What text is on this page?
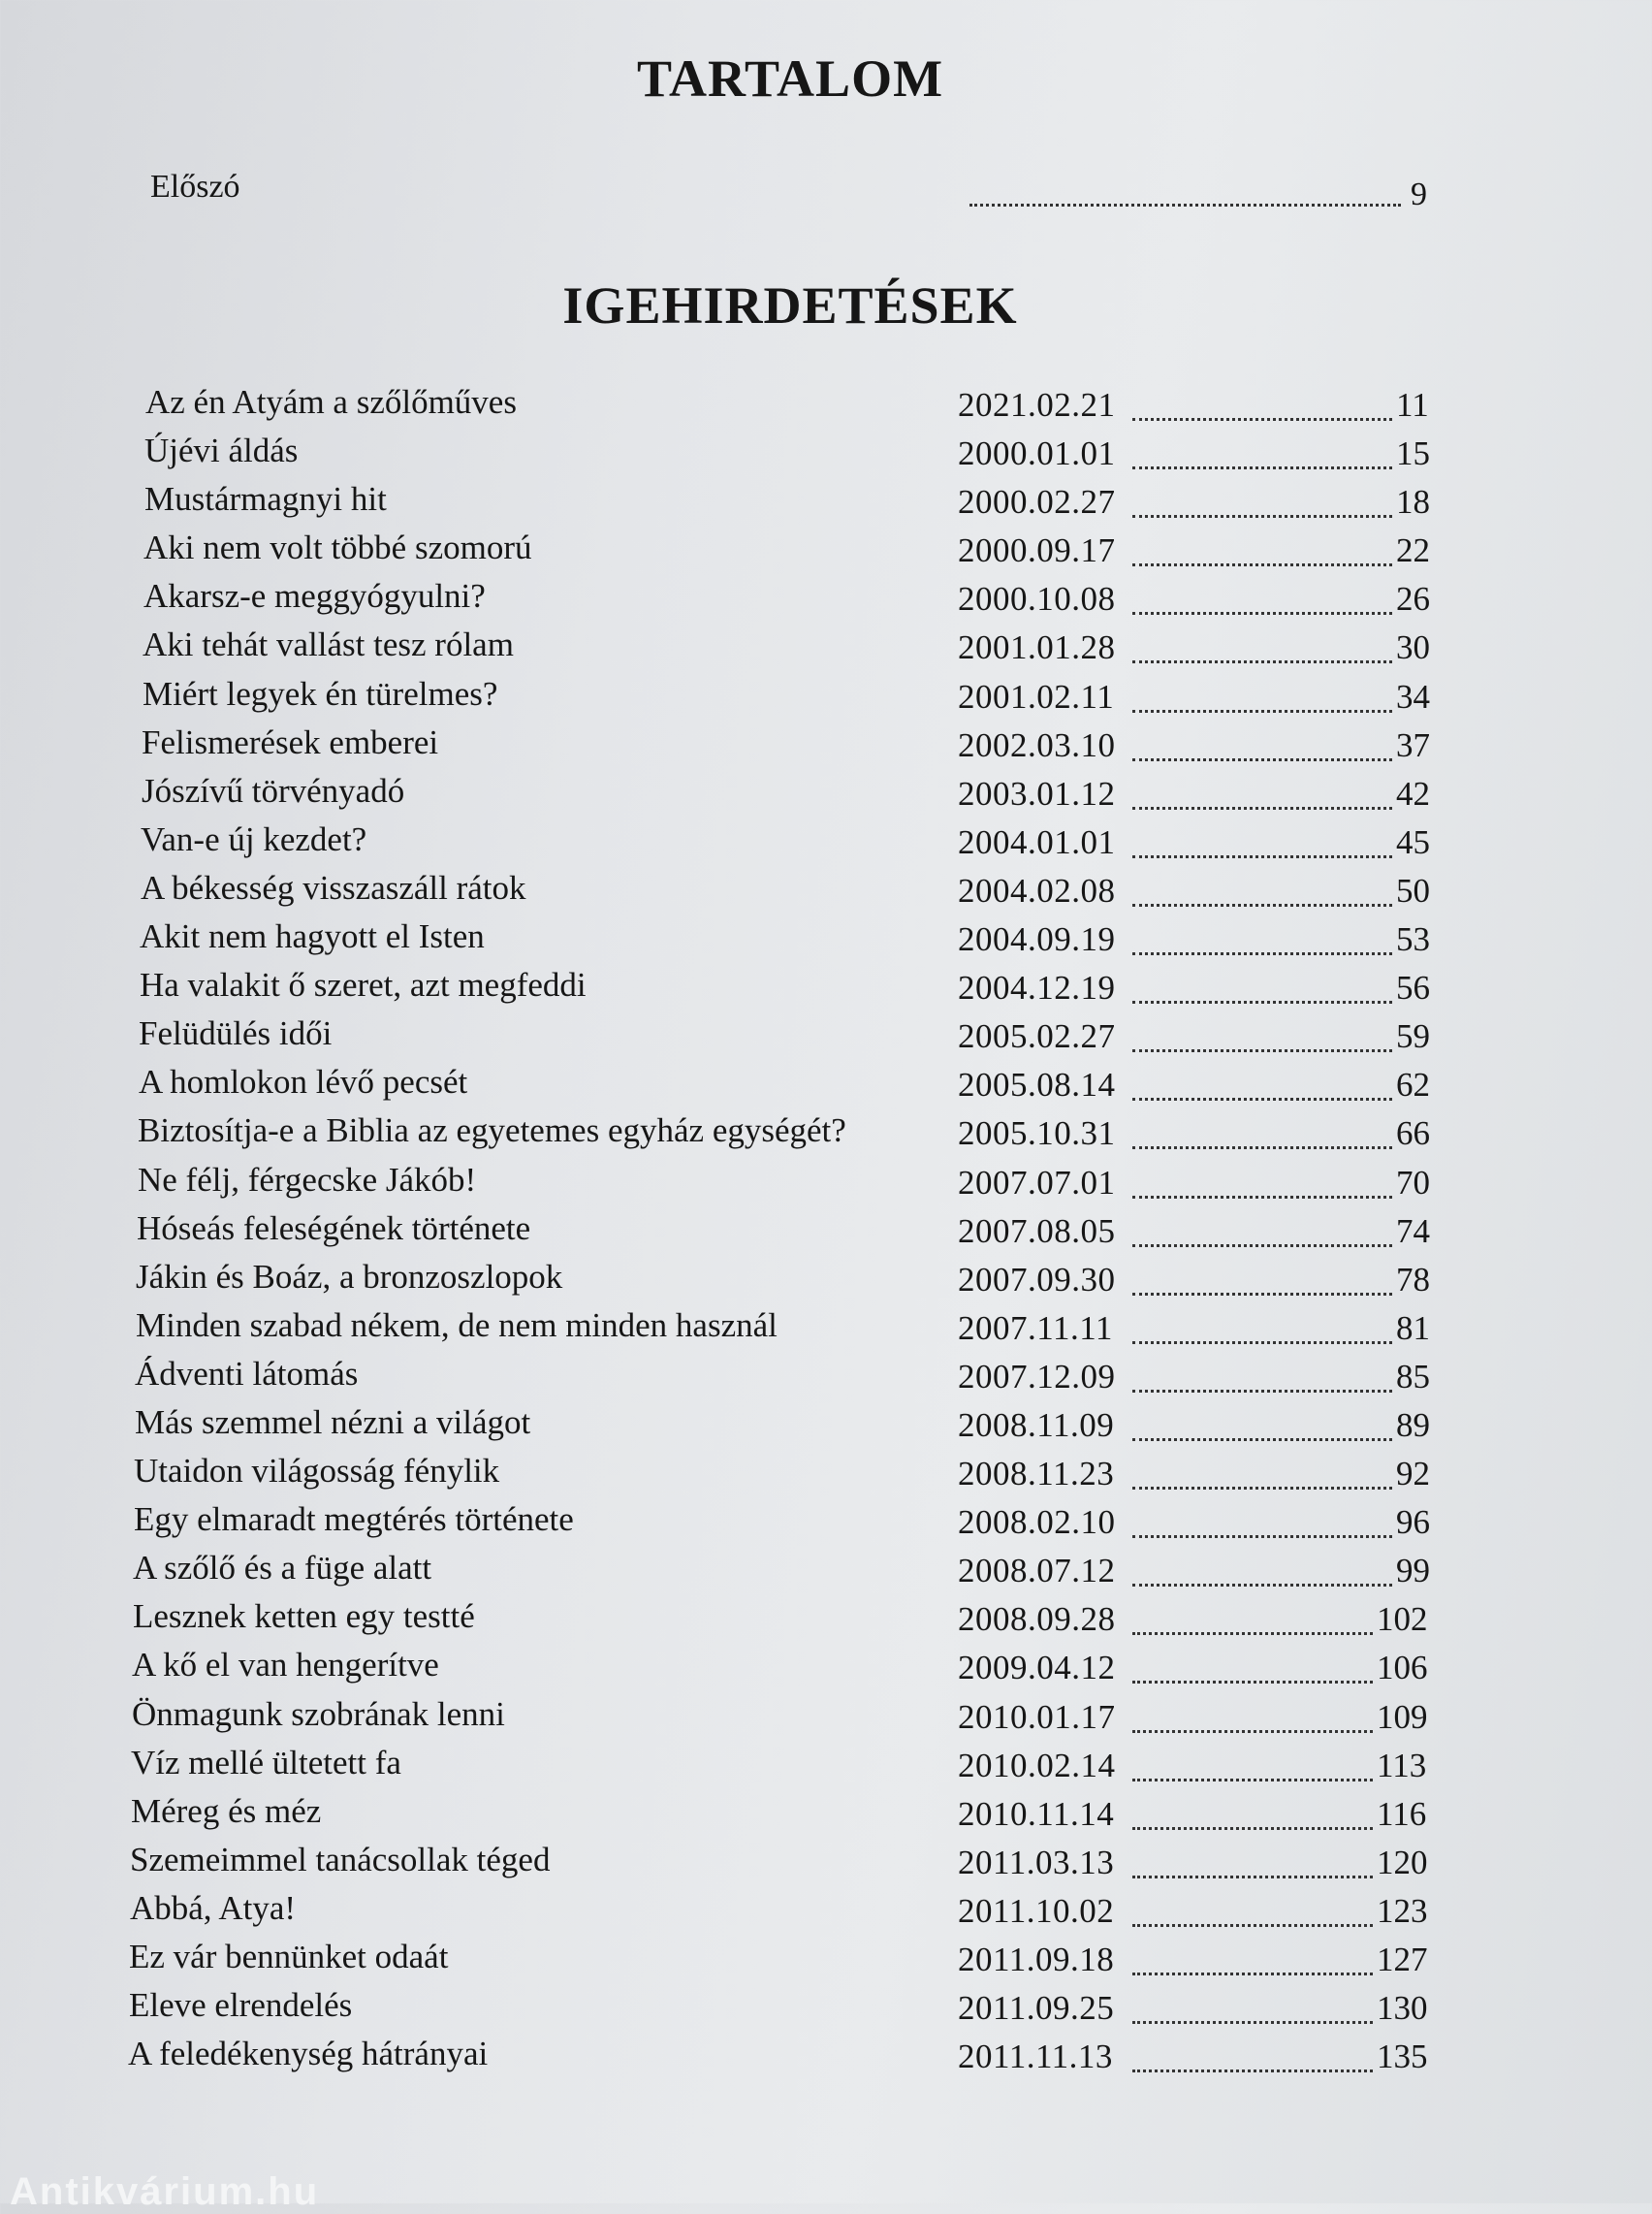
TARTALOM
Előszó	9
IGEHIRDETÉSEK
Az én Atyám a szőlőműves	2021.02.21	11
Újévi áldás	2000.01.01	15
Mustármagnyi hit	2000.02.27	18
Aki nem volt többé szomorú	2000.09.17	22
Akarsz-e meggyógyulni?	2000.10.08	26
Aki tehát vallást tesz rólam	2001.01.28	30
Miért legyek én türelmes?	2001.02.11	34
Felismerések emberei	2002.03.10	37
Jószívű törvényadó	2003.01.12	42
Van-e új kezdet?	2004.01.01	45
A békesség visszaszáll rátok	2004.02.08	50
Akit nem hagyott el Isten	2004.09.19	53
Ha valakit ő szeret, azt megfeddi	2004.12.19	56
Felüdülés idői	2005.02.27	59
A homlokon lévő pecsét	2005.08.14	62
Biztosítja-e a Biblia az egyetemes egyház egységét?	2005.10.31	66
Ne félj, férgecske Jákób!	2007.07.01	70
Hóseás feleségének története	2007.08.05	74
Jákin és Boáz, a bronzoszlopok	2007.09.30	78
Minden szabad nékem, de nem minden használ	2007.11.11	81
Ádventi látomás	2007.12.09	85
Más szemmel nézni a világot	2008.11.09	89
Utaidon világosság fénylik	2008.11.23	92
Egy elmaradt megtérés története	2008.02.10	96
A szőlő és a füge alatt	2008.07.12	99
Lesznek ketten egy testté	2008.09.28	102
A kő el van hengerítve	2009.04.12	106
Önmagunk szobrának lenni	2010.01.17	109
Víz mellé ültetett fa	2010.02.14	113
Méreg és méz	2010.11.14	116
Szemeimmel tanácsollak téged	2011.03.13	120
Abbá, Atya!	2011.10.02	123
Ez vár bennünket odaát	2011.09.18	127
Eleve elrendelés	2011.09.25	130
A feledékenység hátrányai	2011.11.13	135
Antikvárium.hu
